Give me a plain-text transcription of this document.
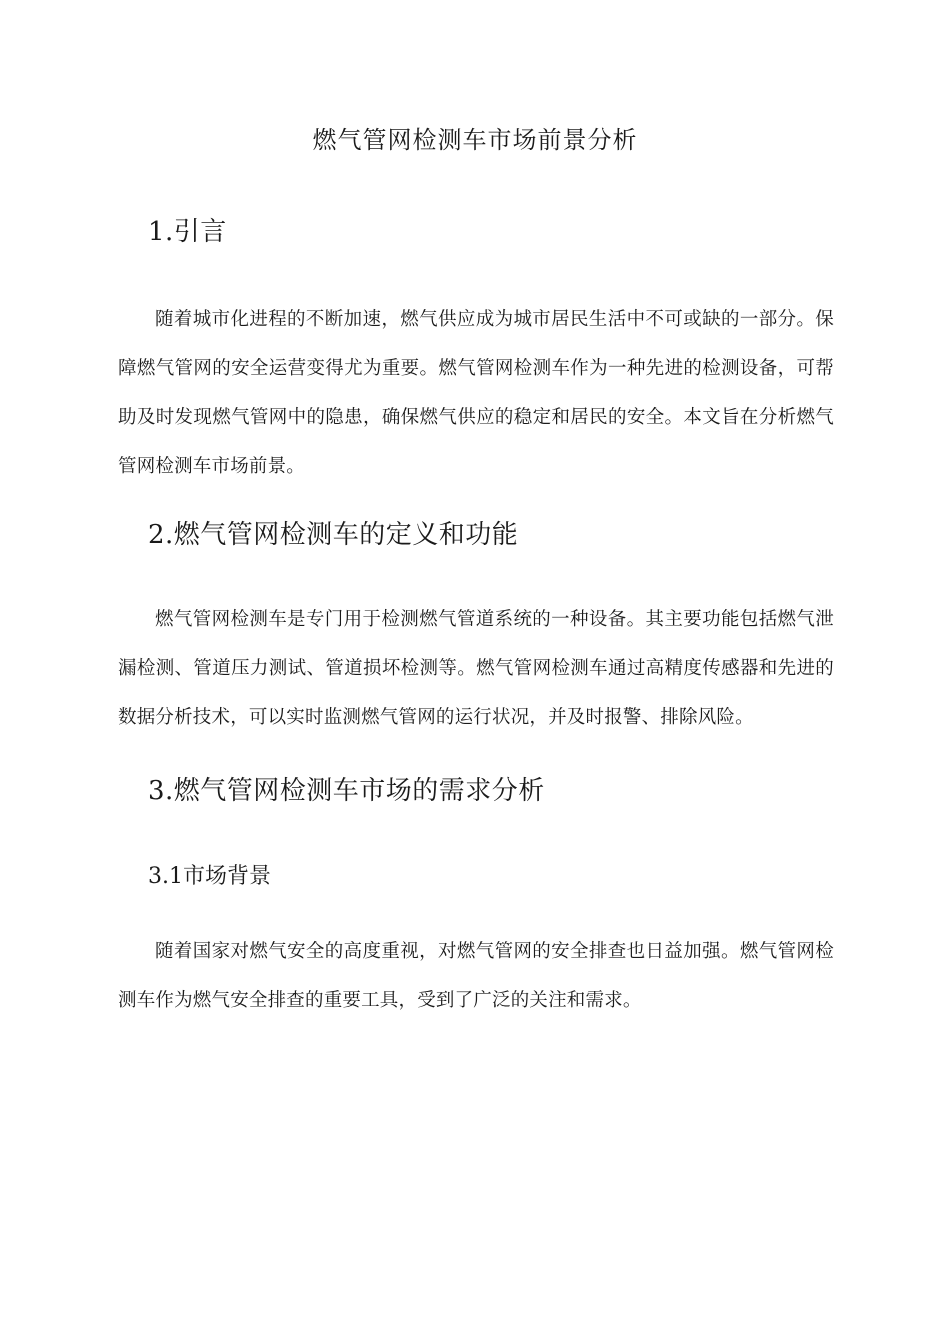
燃气管网检测车市场前景分析
1.引言
随着城市化进程的不断加速，燃气供应成为城市居民生活中不可或缺的一部分。保障燃气管网的安全运营变得尤为重要。燃气管网检测车作为一种先进的检测设备，可帮助及时发现燃气管网中的隐患，确保燃气供应的稳定和居民的安全。本文旨在分析燃气管网检测车市场前景。
2.燃气管网检测车的定义和功能
燃气管网检测车是专门用于检测燃气管道系统的一种设备。其主要功能包括燃气泄漏检测、管道压力测试、管道损坏检测等。燃气管网检测车通过高精度传感器和先进的数据分析技术，可以实时监测燃气管网的运行状况，并及时报警、排除风险。
3.燃气管网检测车市场的需求分析
3.1市场背景
随着国家对燃气安全的高度重视，对燃气管网的安全排查也日益加强。燃气管网检测车作为燃气安全排查的重要工具，受到了广泛的关注和需求。
